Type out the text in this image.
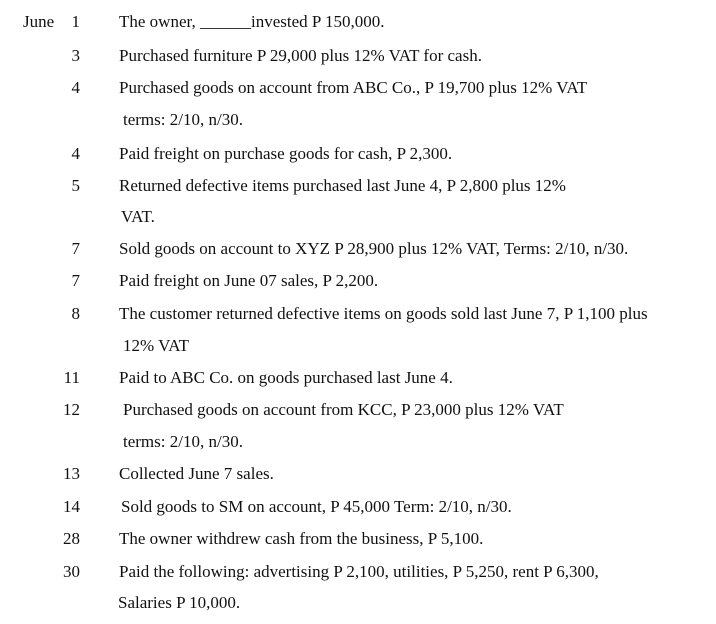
June	1 The owner, ______invested P 150,000.
3 Purchased furniture P 29,000 plus 12% VAT for cash.
4 Purchased goods on account from ABC Co., P 19,700 plus 12% VAT
terms: 2/10, n/30.
4 Paid freight on purchase goods for cash, P 2,300.
5 Returned defective items purchased last June 4, P 2,800 plus 12%
VAT.
7 Sold goods on account to XYZ P 28,900 plus 12% VAT, Terms: 2/10, n/30.
7 Paid freight on June 07 sales, P 2,200.
8 The customer returned defective items on goods sold last June 7, P 1,100 plus
12% VAT
11 Paid to ABC Co. on goods purchased last June 4.
12	Purchased goods on account from KCC, P 23,000 plus 12% VAT
terms: 2/10, n/30.
13 Collected June 7 sales.
14 Sold goods to SM on account, P 45,000 Term: 2/10, n/30.
28 The owner withdrew cash from the business, P 5,100.
30 Paid the following: advertising P 2,100, utilities, P 5,250, rent P 6,300,
Salaries P 10,000.
